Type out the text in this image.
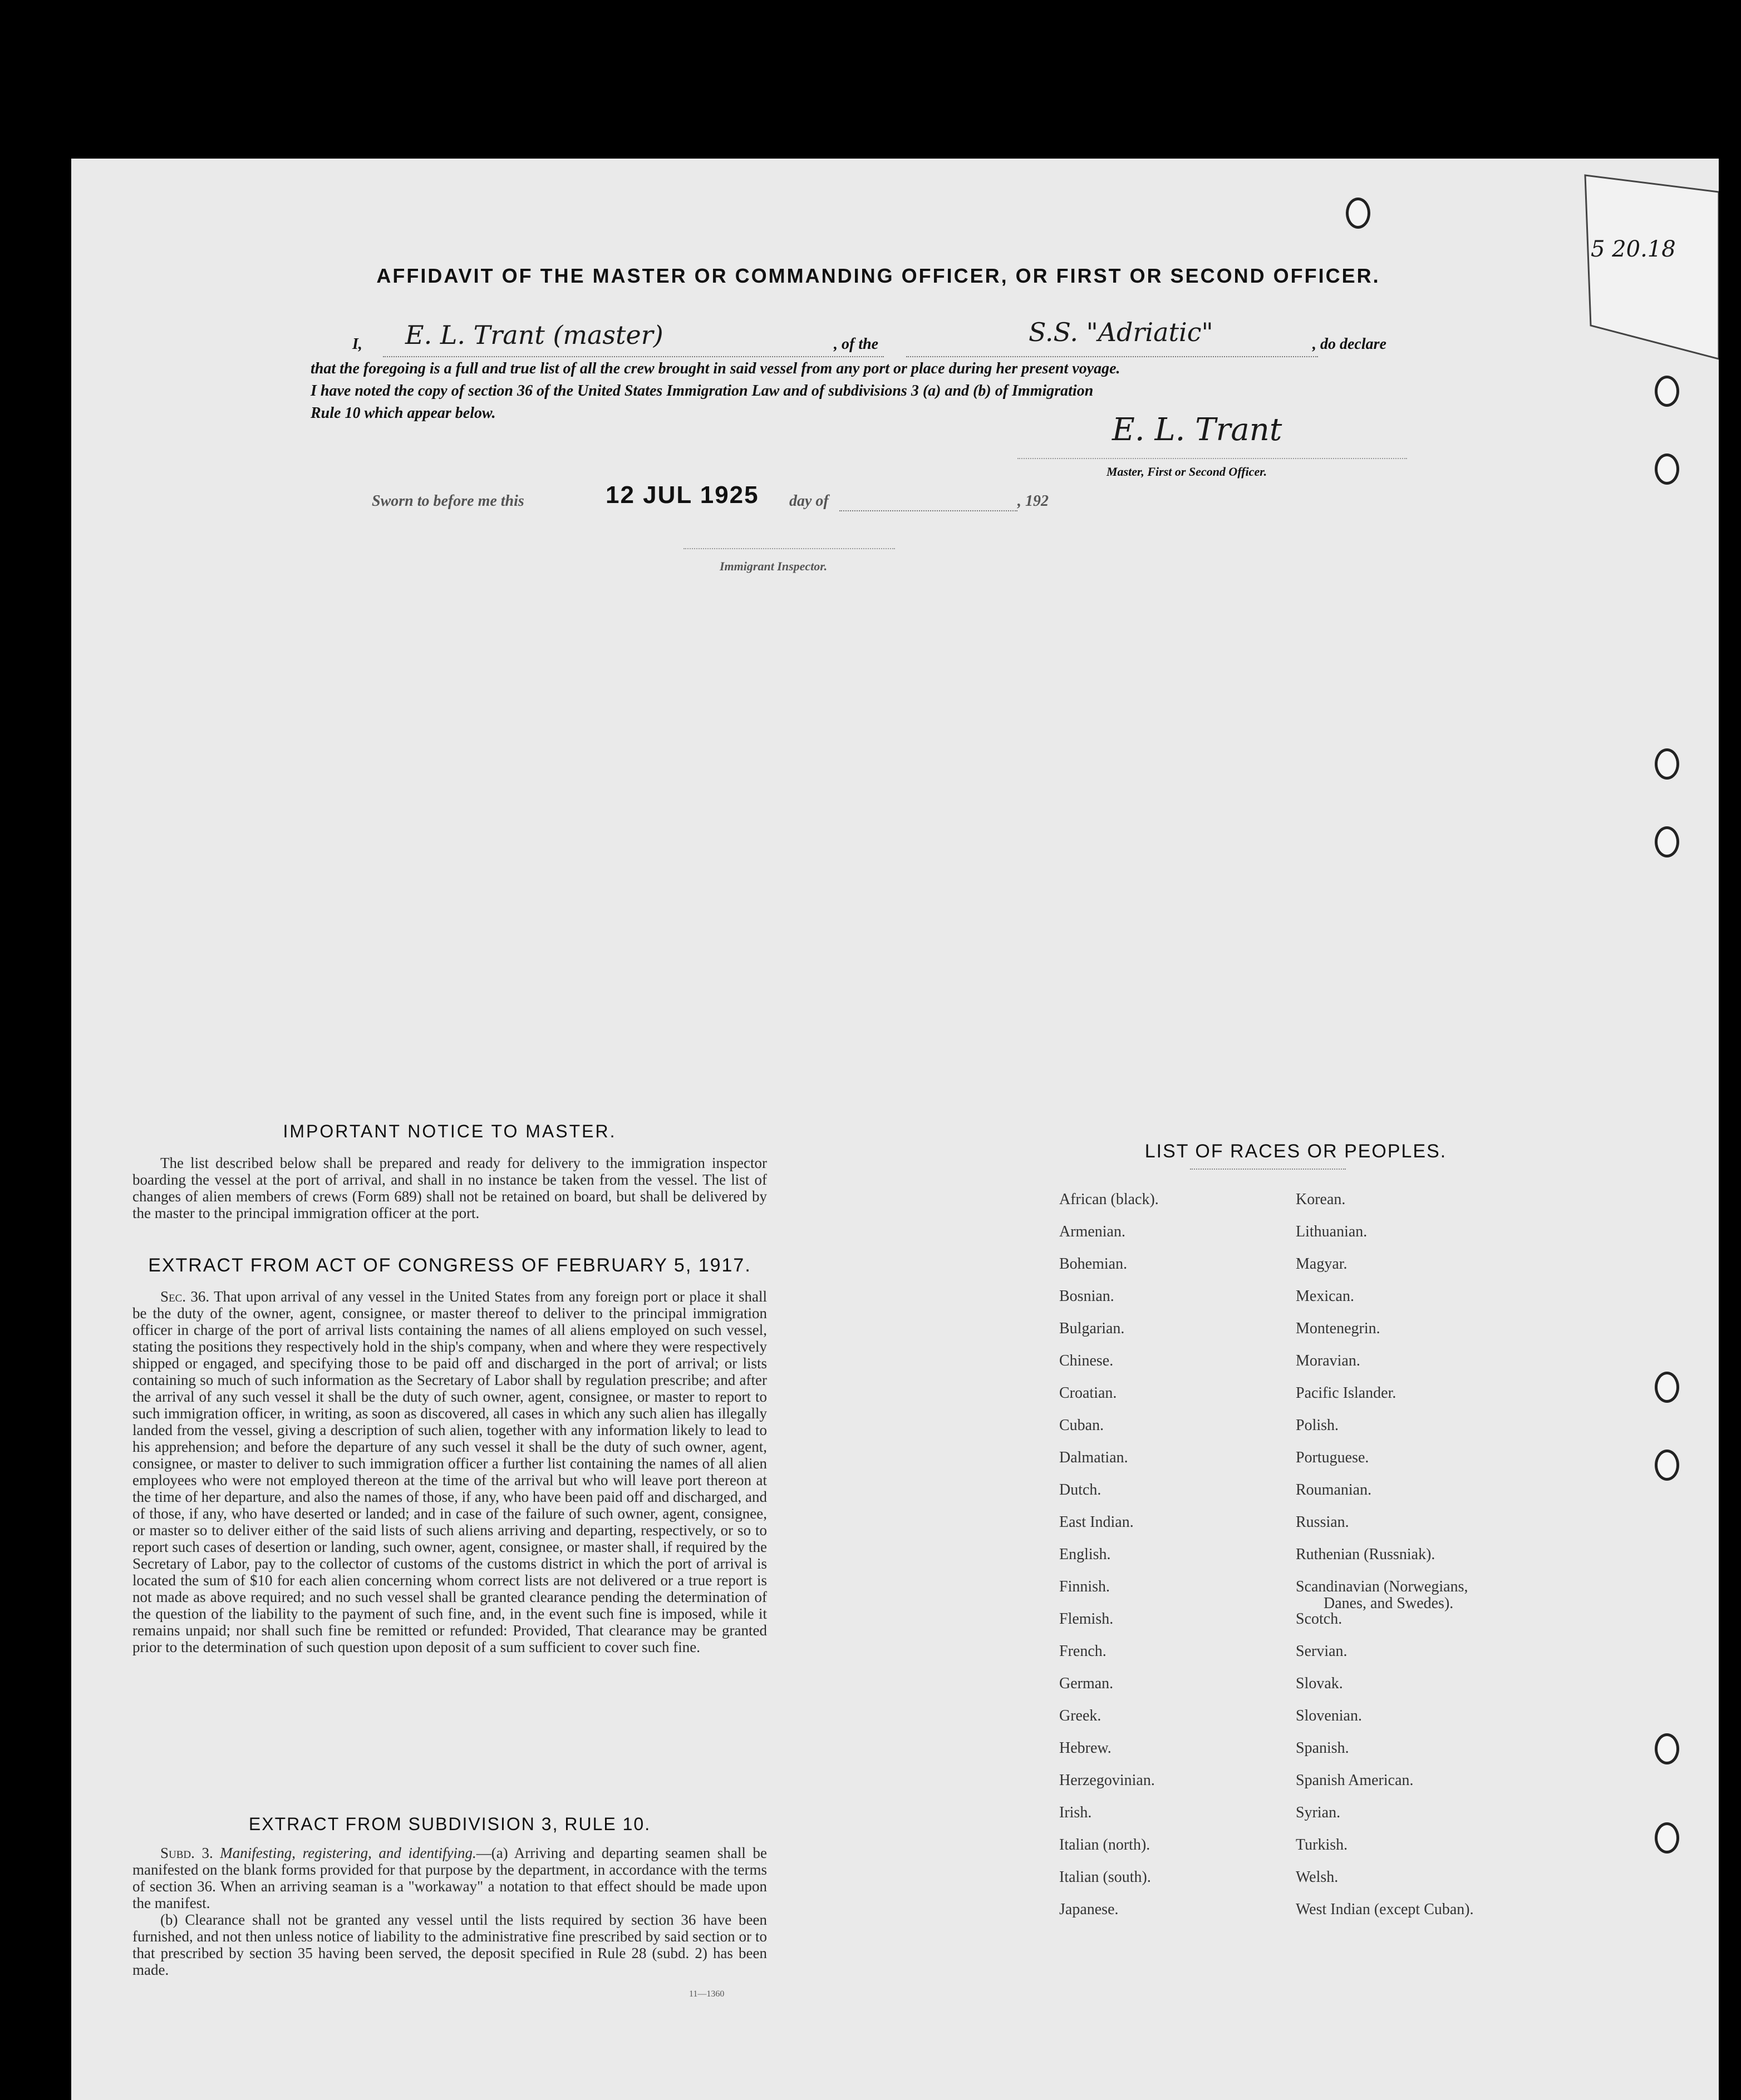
5 20.18
AFFIDAVIT OF THE MASTER OR COMMANDING OFFICER, OR FIRST OR SECOND OFFICER.
I, E. L. Trant (master)	, of the	S.S. "Adriatic"	, do declare
that the foregoing is a full and true list of all the crew brought in said vessel from any port or place during her present voyage.
I have noted the copy of section 36 of the United States Immigration Law and of subdivisions 3 (a) and (b) of Immigration
Rule 10 which appear below.	E. L. Trant
Master, First or Second Officer.
Sworn to before me this	12 JUL 1925 day of	, 192
Immigrant Inspector.
IMPORTANT NOTICE TO MASTER.

The list described below shall be prepared and ready for delivery to the immigration inspector boarding the vessel at the port of arrival, and shall in no instance be taken from the vessel. The list of changes of alien members of crews (Form 689) shall not be retained on board, but shall be delivered by the master to the principal immigration officer at the port.

EXTRACT FROM ACT OF CONGRESS OF FEBRUARY 5, 1917.

Sec. 36. That upon arrival of any vessel in the United States from any foreign port or place it shall be the duty of the owner, agent, consignee, or master thereof to deliver to the principal immigration officer in charge of the port of arrival lists containing the names of all aliens employed on such vessel, stating the positions they respectively hold in the ship's company, when and where they were respectively shipped or engaged, and specifying those to be paid off and discharged in the port of arrival; or lists containing so much of such information as the Secretary of Labor shall by regulation prescribe; and after the arrival of any such vessel it shall be the duty of such owner, agent, consignee, or master to report to such immigration officer, in writing, as soon as discovered, all cases in which any such alien has illegally landed from the vessel, giving a description of such alien, together with any information likely to lead to his apprehension; and before the departure of any such vessel it shall be the duty of such owner, agent, consignee, or master to deliver to such immigration officer a further list containing the names of all alien employees who were not employed thereon at the time of the arrival but who will leave port thereon at the time of her departure, and also the names of those, if any, who have been paid off and discharged, and of those, if any, who have deserted or landed; and in case of the failure of such owner, agent, consignee, or master so to deliver either of the said lists of such aliens arriving and departing, respectively, or so to report such cases of desertion or landing, such owner, agent, consignee, or master shall, if required by the Secretary of Labor, pay to the collector of customs of the customs district in which the port of arrival is located the sum of $10 for each alien concerning whom correct lists are not delivered or a true report is not made as above required; and no such vessel shall be granted clearance pending the determination of the question of the liability to the payment of such fine, and, in the event such fine is imposed, while it remains unpaid; nor shall such fine be remitted or refunded: Provided, That clearance may be granted prior to the determination of such question upon deposit of a sum sufficient to cover such fine.

EXTRACT FROM SUBDIVISION 3, RULE 10.

Subd. 3. Manifesting, registering, and identifying.—(a) Arriving and departing seamen shall be manifested on the blank forms provided for that purpose by the department, in accordance with the terms of section 36. When an arriving seaman is a "workaway" a notation to that effect should be made upon the manifest.

(b) Clearance shall not be granted any vessel until the lists required by section 36 have been furnished, and not then unless notice of liability to the administrative fine prescribed by said section or to that prescribed by section 35 having been served, the deposit specified in Rule 28 (subd. 2) has been made.

11—1360
LIST OF RACES OR PEOPLES.
African (black).
Armenian.
Bohemian.
Bosnian.
Bulgarian.
Chinese.
Croatian.
Cuban.
Dalmatian.
Dutch.
East Indian.
English.
Finnish.
Flemish.
French.
German.
Greek.
Hebrew.
Herzegovinian.
Irish.
Italian (north).
Italian (south).
Japanese.
Korean.
Lithuanian.
Magyar.
Mexican.
Montenegrin.
Moravian.
Pacific Islander.
Polish.
Portuguese.
Roumanian.
Russian.
Ruthenian (Russniak).
Scandinavian (Norwegians,
Danes, and Swedes).
Scotch.
Servian.
Slovak.
Slovenian.
Spanish.
Spanish American.
Syrian.
Turkish.
Welsh.
West Indian (except Cuban).
